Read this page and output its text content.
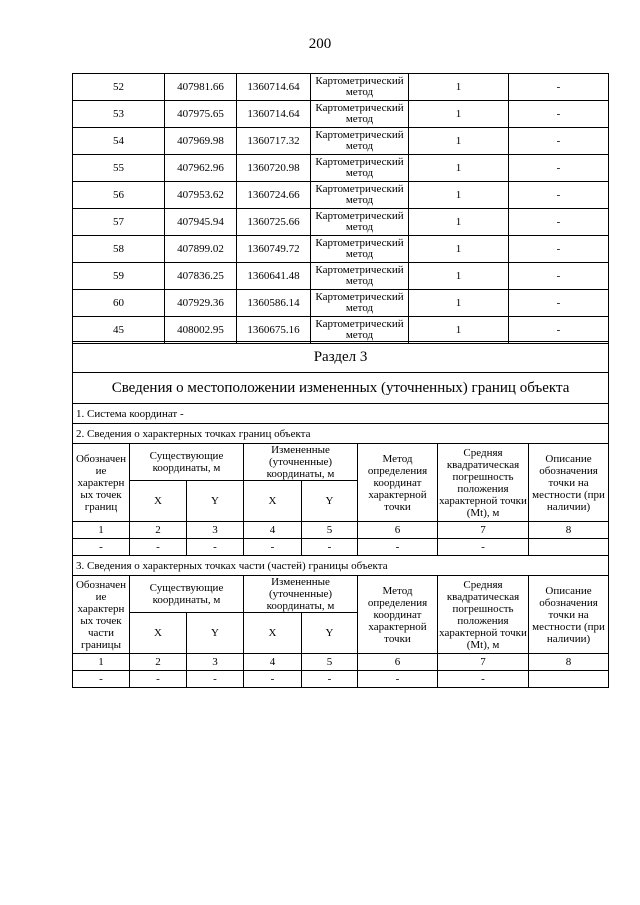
200
52	407981.66	1360714.64	Картометрический метод	1	-
53	407975.65	1360714.64	Картометрический метод	1	-
54	407969.98	1360717.32	Картометрический метод	1	-
55	407962.96	1360720.98	Картометрический метод	1	-
56	407953.62	1360724.66	Картометрический метод	1	-
57	407945.94	1360725.66	Картометрический метод	1	-
58	407899.02	1360749.72	Картометрический метод	1	-
59	407836.25	1360641.48	Картометрический метод	1	-
60	407929.36	1360586.14	Картометрический метод	1	-
45	408002.95	1360675.16	Картометрический метод	1	-
Раздел 3							
Сведения о местоположении измененных (уточненных) границ объекта							
1. Система координат -							
2. Сведения о характерных точках границ объекта							
Обозначен ие характерн ых точек границ	Существующие координаты, м		Измененные (уточненные) координаты, м		Метод определения координат характерной точки	Средняя квадратическая погрешность положения характерной точки (Mt), м	Описание обозначения точки на местности (при наличии)
	X	Y	X	Y			
1	2	3	4	5	6	7	8
-	-	-	-	-	-	-	
3. Сведения о характерных точках части (частей) границы объекта							
Обозначен ие характерн ых точек части границы	Существующие координаты, м		Измененные (уточненные) координаты, м		Метод определения координат характерной точки	Средняя квадратическая погрешность положения характерной точки (Mt), м	Описание обозначения точки на местности (при наличии)
	X	Y	X	Y			
1	2	3	4	5	6	7	8
-	-	-	-	-	-	-	
